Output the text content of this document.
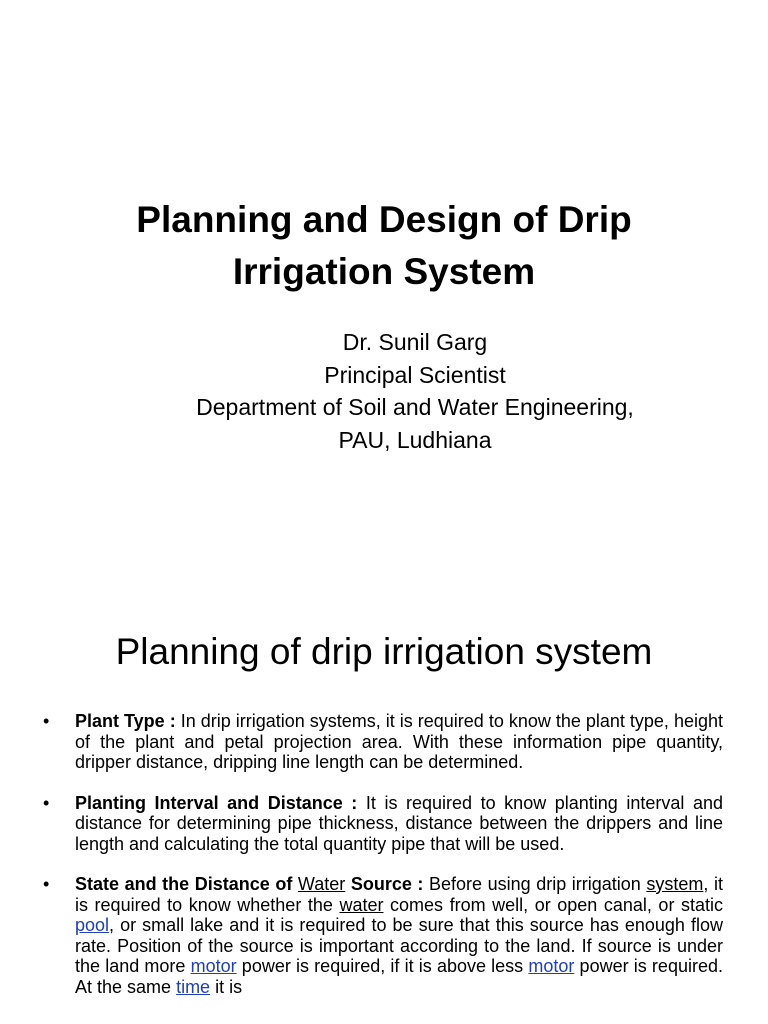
Planning and Design of Drip
Irrigation System
Dr. Sunil Garg
Principal Scientist
Department of Soil and Water Engineering,
PAU, Ludhiana
Planning of drip irrigation system
• Plant Type : In drip irrigation systems, it is required to know the plant type, height of the plant and petal projection area. With these information pipe quantity, dripper distance, dripping line length can be determined.
• Planting Interval and Distance : It is required to know planting interval and distance for determining pipe thickness, distance between the drippers and line length and calculating the total quantity pipe that will be used.
• State and the Distance of Water Source : Before using drip irrigation system, it is required to know whether the water comes from well, or open canal, or static pool, or small lake and it is required to be sure that this source has enough flow rate. Position of the source is important according to the land. If source is under the land more motor power is required, if it is above less motor power is required. At the same time it is
